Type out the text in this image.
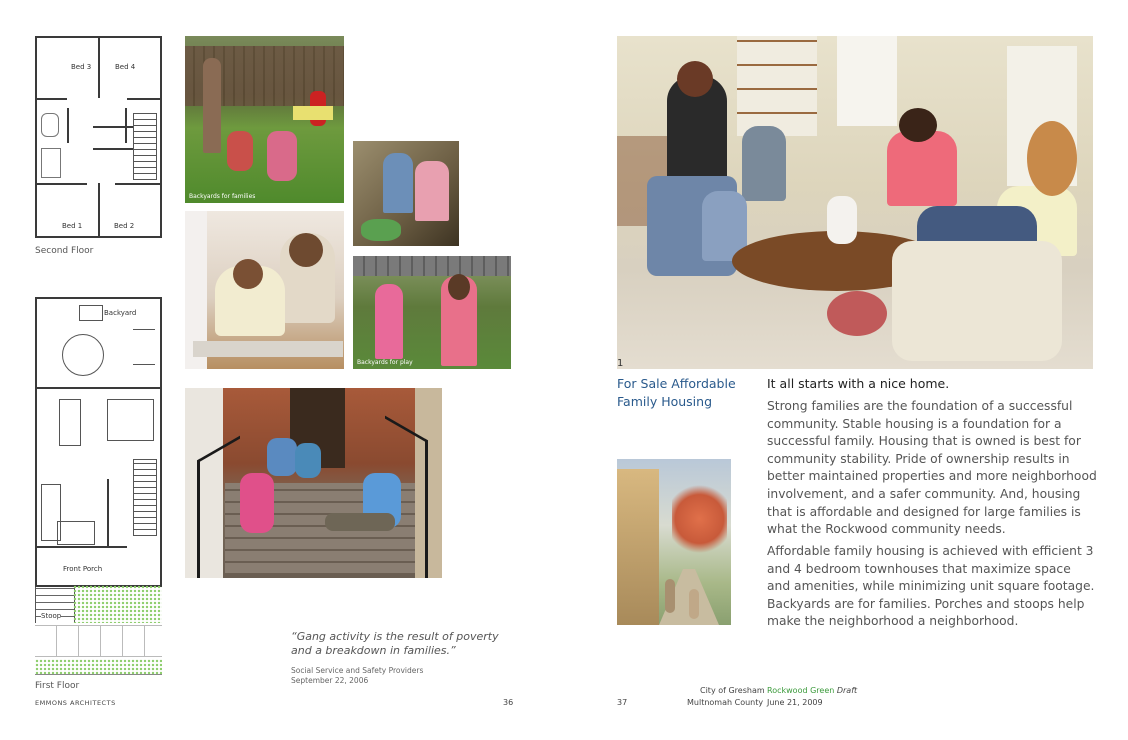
Bed 3	Bed 4
Bed 1	Bed 2
Second Floor
Backyard
Front Porch
Stoop
First Floor
Backyards for families
Backyards for play
“Gang activity is the result of poverty and a breakdown in families.”
Social Service and Safety Providers
September 22, 2006
EMMONS ARCHITECTS	36
1
For Sale Affordable Family Housing
It all starts with a nice home.
Strong families are the foundation of a successful community. Stable housing is a foundation for a successful family. Housing that is owned is best for community stability. Pride of ownership results in better maintained properties and more neighborhood involvement, and a safer community. And, housing that is affordable and designed for large families is what the Rockwood community needs.
Affordable family housing is achieved with efficient 3 and 4 bedroom townhouses that maximize space and amenities, while minimizing unit square footage. Backyards are for families. Porches and stoops help make the neighborhood a neighborhood.
37
City of Gresham
Multnomah County
Rockwood Green Draft
June 21, 2009
